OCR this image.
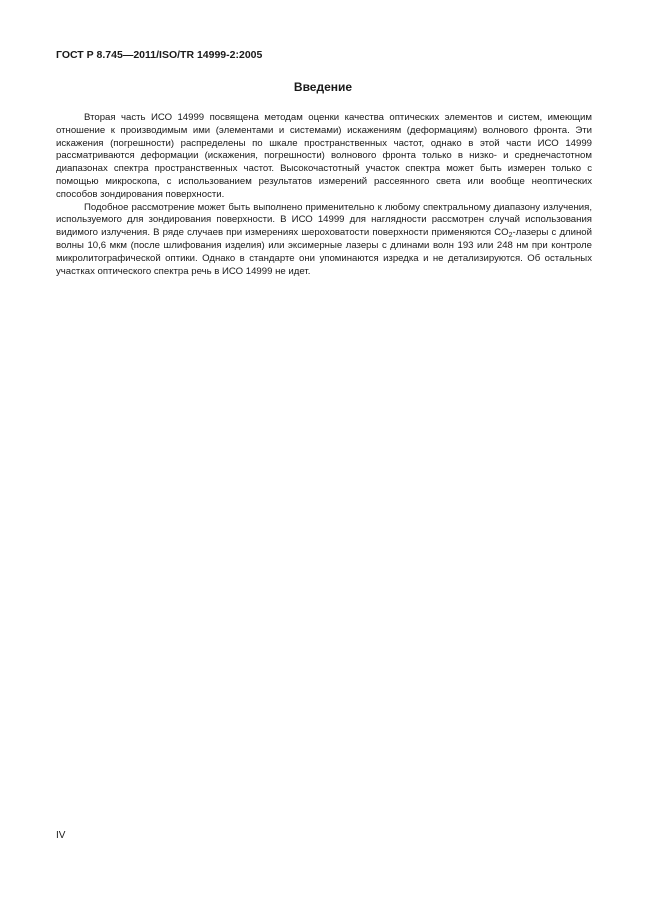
ГОСТ Р 8.745—2011/ISO/TR 14999-2:2005
Введение

Вторая часть ИСО 14999 посвящена методам оценки качества оптических элементов и систем, имеющим отношение к производимым ими (элементами и системами) искажениям (деформациям) волнового фронта. Эти искажения (погрешности) распределены по шкале пространственных частот, однако в этой части ИСО 14999 рассматриваются деформации (искажения, погрешности) волнового фронта только в низко- и среднечастотном диапазонах спектра пространственных частот. Высокочастотный участок спектра может быть измерен только с помощью микроскопа, с использованием результатов измерений рассеянного света или вообще неоптических способов зондирования поверхности.

Подобное рассмотрение может быть выполнено применительно к любому спектральному диапазону излучения, используемого для зондирования поверхности. В ИСО 14999 для наглядности рассмотрен случай использования видимого излучения. В ряде случаев при измерениях шероховатости поверхности применяются $CO_2$-лазеры с длиной волны 10,6 мкм (после шлифования изделия) или эксимерные лазеры с длинами волн 193 или 248 нм при контроле микролитографической оптики. Однако в стандарте они упоминаются изредка и не детализируются. Об остальных участках оптического спектра речь в ИСО 14999 не идет.

IV
